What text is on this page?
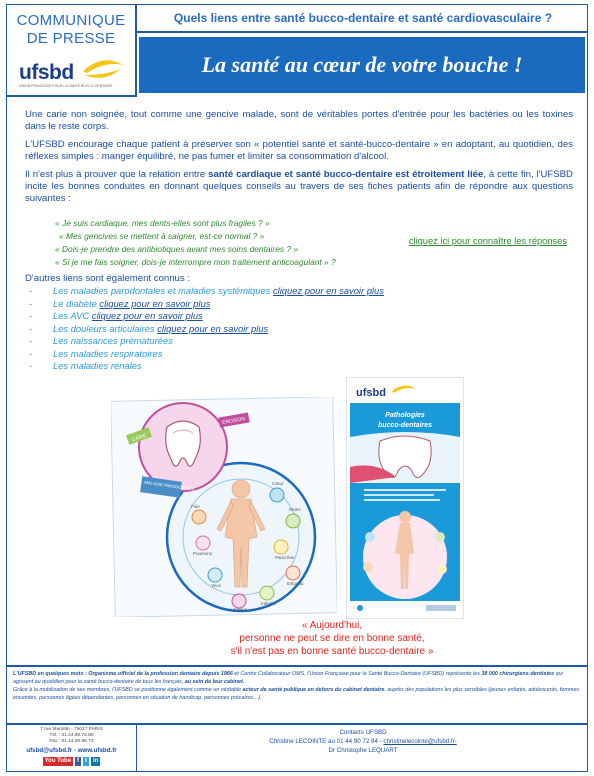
COMMUNIQUE
DE PRESSE
ufsbd
UNION FRANCAISE POUR LA SANTE BUCCO-DENTAIRE
Quels liens entre santé bucco-dentaire et santé cardiovasculaire ?
La santé au cœur de votre bouche !
Une carie non soignée, tout comme une gencive malade, sont de véritables portes d'entrée pour les bactéries ou les toxines dans le reste corps.
L'UFSBD encourage chaque patient à préserver son « potentiel santé et santé-bucco-dentaire » en adoptant, au quotidien, des réflexes simples : manger équilibré, ne pas fumer et limiter sa consommation d'alcool.
Il n'est plus à prouver que la relation entre santé cardiaque et santé bucco-dentaire est étroitement liée, à cette fin, l'UFSBD incite les bonnes conduites en donnant quelques conseils au travers de ses fiches patients afin de répondre aux questions suivantes :
« Je suis cardiaque, mes dents-elles sont plus fragiles ? »
« Mes gencives se mettent à saigner, est-ce normal ? »
« Dois-je prendre des antibiotiques avant mes soins dentaires ? »
« Si je me fais soigner, dois-je interrompre mon traitement anticoagulant » ?
cliquez ici pour connaître les réponses
D'autres liens sont également connus :
- Les maladies parodontales et maladies systémiques cliquez pour en savoir plus
- Le diabète cliquez pour en savoir plus
- Les AVC cliquez pour en savoir plus
- Les douleurs articulaires cliquez pour en savoir plus
- Les naissances prématurées
- Les maladies respiratoires
- Les maladies rénales
CARIE
EROSION
MALADIE PARODONTALE	Cœur
Reins
Foie
Poumons
Pancréas
Estomac
Intestin
Yeux
Fœtus
ufsbd
Pathologies
bucco-dentaires
« Aujourd'hui,
personne ne peut se dire en bonne santé,
s'il n'est pas en bonne santé bucco-dentaire »
L'UFSBD en quelques mots : Organisme officiel de la profession dentaire depuis 1966 et Centre Collaborateur OMS, l'Union Française pour la Santé Bucco-Dentaire (UFSBD) représente les 38 000 chirurgiens-dentistes qui agissent au quotidien pour la santé bucco-dentaire de tous les français, au sein de leur cabinet.
Grâce à la mobilisation de ses membres, l'UFSBD se positionne également comme un véritable acteur de santé publique en dehors du cabinet dentaire, auprès des populations les plus sensibles (jeunes enfants, adolescents, femmes enceintes, personnes âgées dépendantes, personnes en situation de handicap, personnes précaires…).
7 rue Mariotte - 75017 PARIS
Tél. : 01.44.90.72.80
Fax : 01.44.90.96.73
ufsbd@ufsbd.fr - www.ufsbd.fr
You Tube	f	t	in
Contacts UFSBD
Christine LECOINTE au 01 44 90 72 84 - christinelecointe@ufsbd.fr-
Dr Christophe LEQUART
